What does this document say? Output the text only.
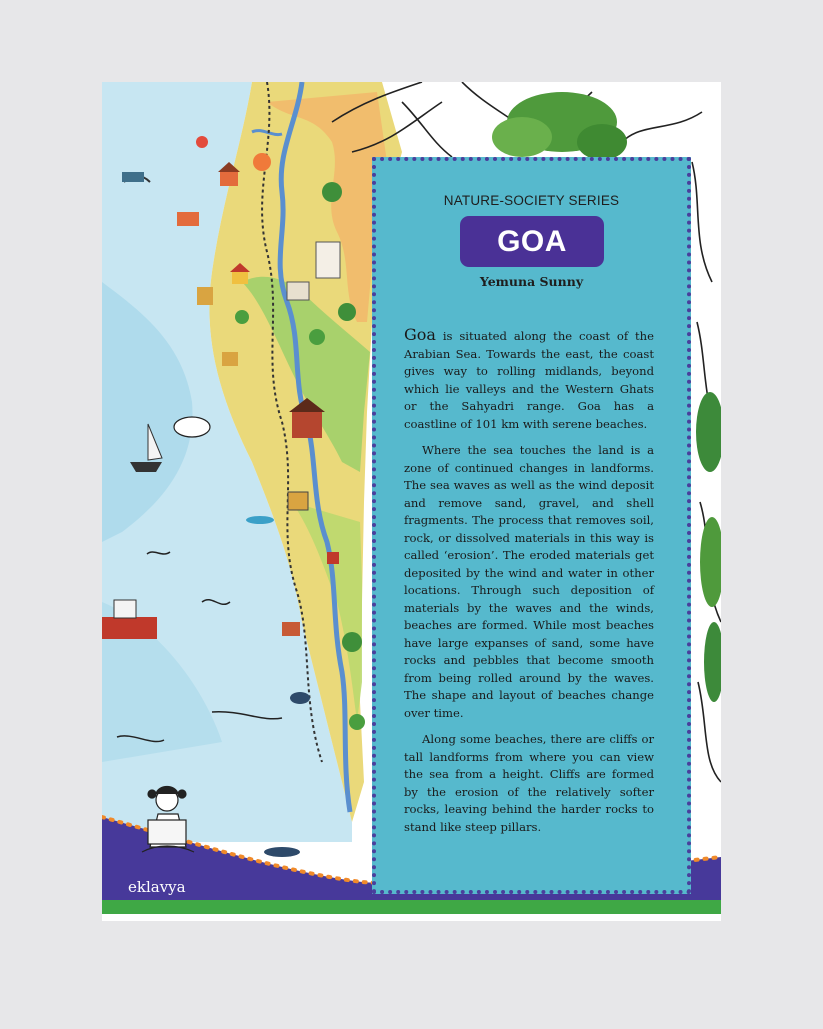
NATURE-SOCIETY SERIES
GOA
Yemuna Sunny

Goa is situated along the coast of the Arabian Sea. Towards the east, the coast gives way to rolling midlands, beyond which lie valleys and the Western Ghats or the Sahyadri range. Goa has a coastline of 101 km with serene beaches.

Where the sea touches the land is a zone of continued changes in landforms. The sea waves as well as the wind deposit and remove sand, gravel, and shell fragments. The process that removes soil, rock, or dissolved materials in this way is called ‘erosion’. The eroded materials get deposited by the wind and water in other locations. Through such deposition of materials by the waves and the winds, beaches are formed. While most beaches have large expanses of sand, some have rocks and pebbles that become smooth from being rolled around by the waves. The shape and layout of beaches change over time.

Along some beaches, there are cliffs or tall landforms from where you can view the sea from a height. Cliffs are formed by the erosion of the relatively softer rocks, leaving behind the harder rocks to stand like steep pillars.

eklavya
